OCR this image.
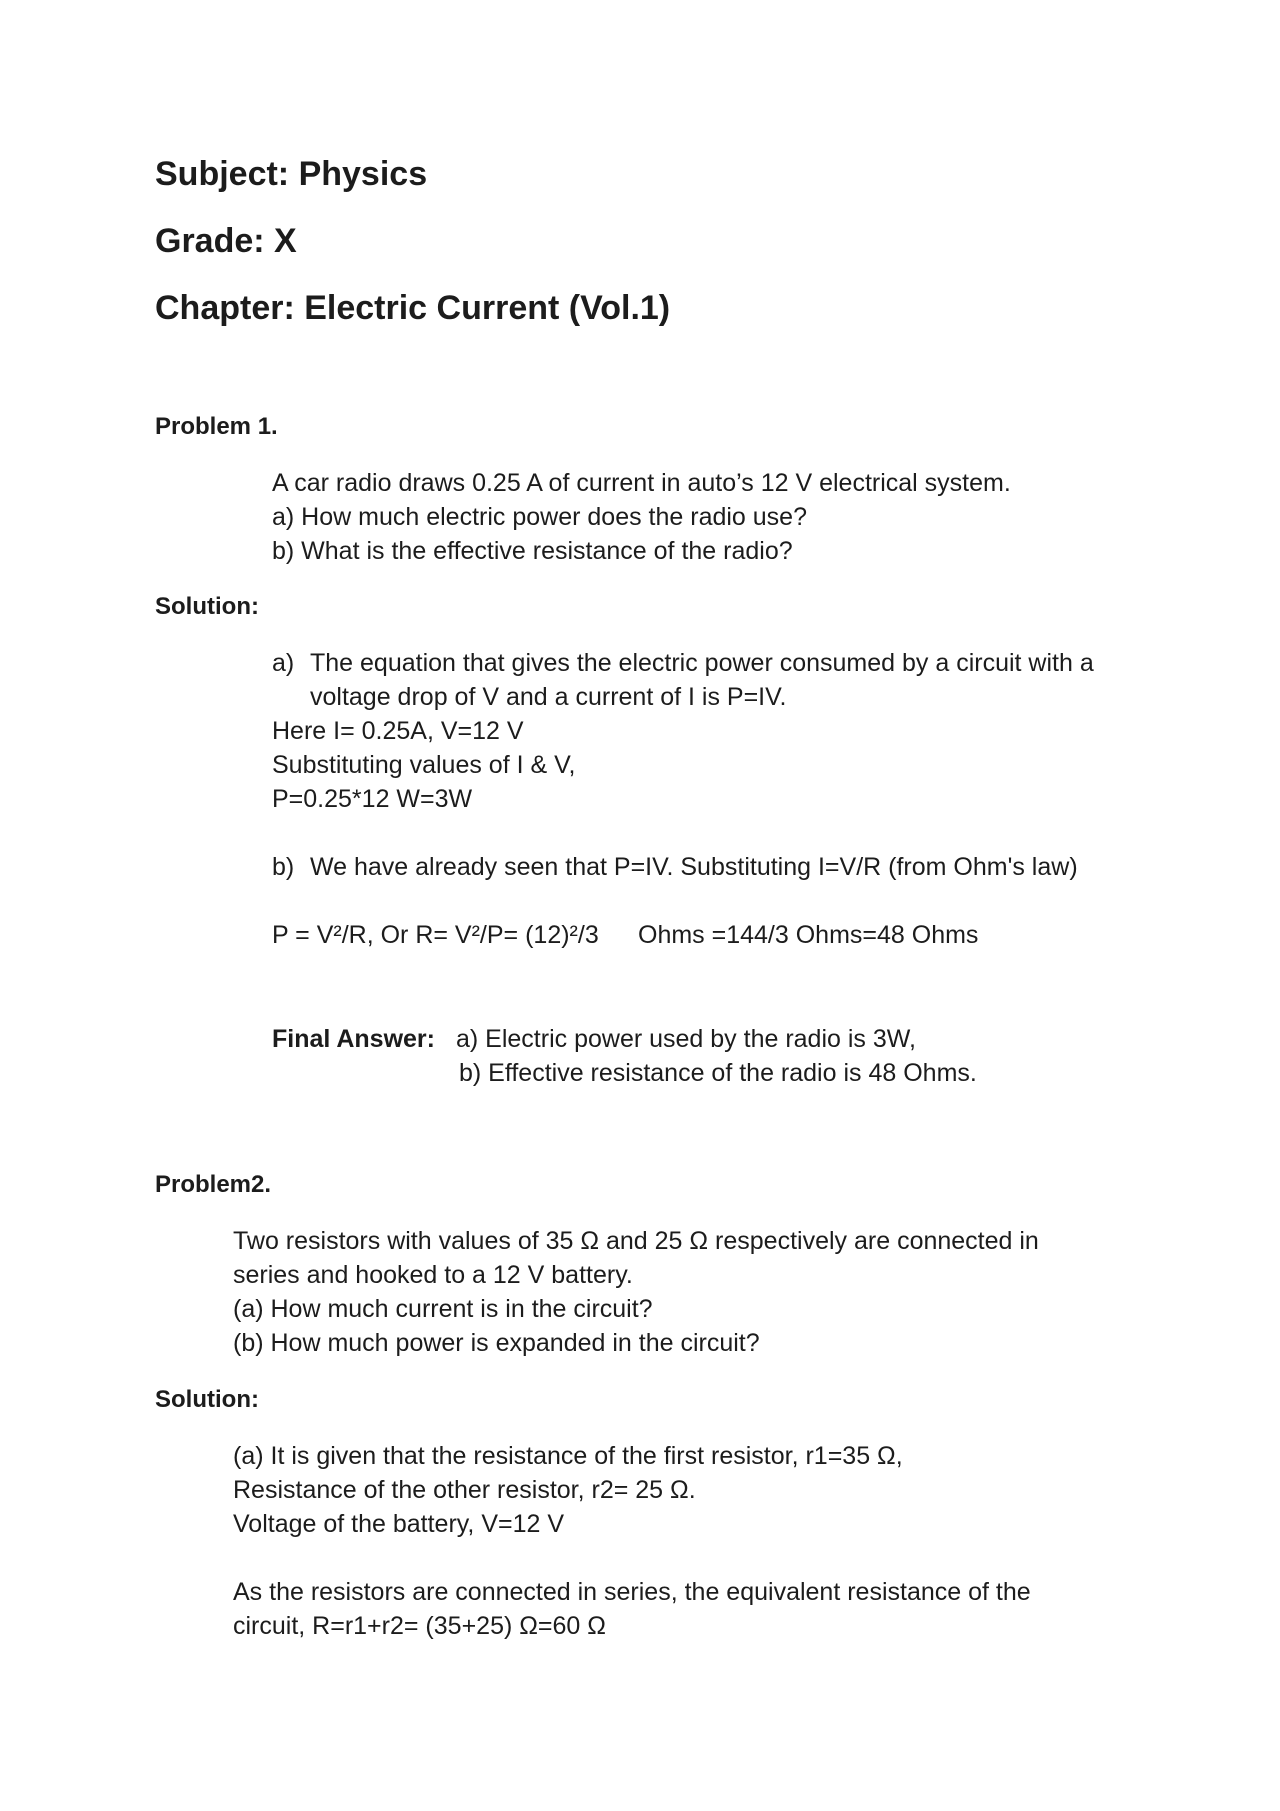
Subject: Physics
Grade: X
Chapter: Electric Current (Vol.1)
Problem 1.
A car radio draws 0.25 A of current in auto’s 12 V electrical system.
a) How much electric power does the radio use?
b) What is the effective resistance of the radio?
Solution:
a) The equation that gives the electric power consumed by a circuit with a
voltage drop of V and a current of I is P=IV.
Here I= 0.25A, V=12 V
Substituting values of I & V,
P=0.25*12 W=3W
b) We have already seen that P=IV. Substituting I=V/R (from Ohm's law)
P = V²/R, Or R= V²/P= (12)²/3 Ohms =144/3 Ohms=48 Ohms
Final Answer: a) Electric power used by the radio is 3W,
b) Effective resistance of the radio is 48 Ohms.
Problem2.
Two resistors with values of 35 Ω and 25 Ω respectively are connected in
series and hooked to a 12 V battery.
(a) How much current is in the circuit?
(b) How much power is expanded in the circuit?
Solution:
(a) It is given that the resistance of the first resistor, r1=35 Ω,
Resistance of the other resistor, r2= 25 Ω.
Voltage of the battery, V=12 V
As the resistors are connected in series, the equivalent resistance of the
circuit, R=r1+r2= (35+25) Ω=60 Ω
